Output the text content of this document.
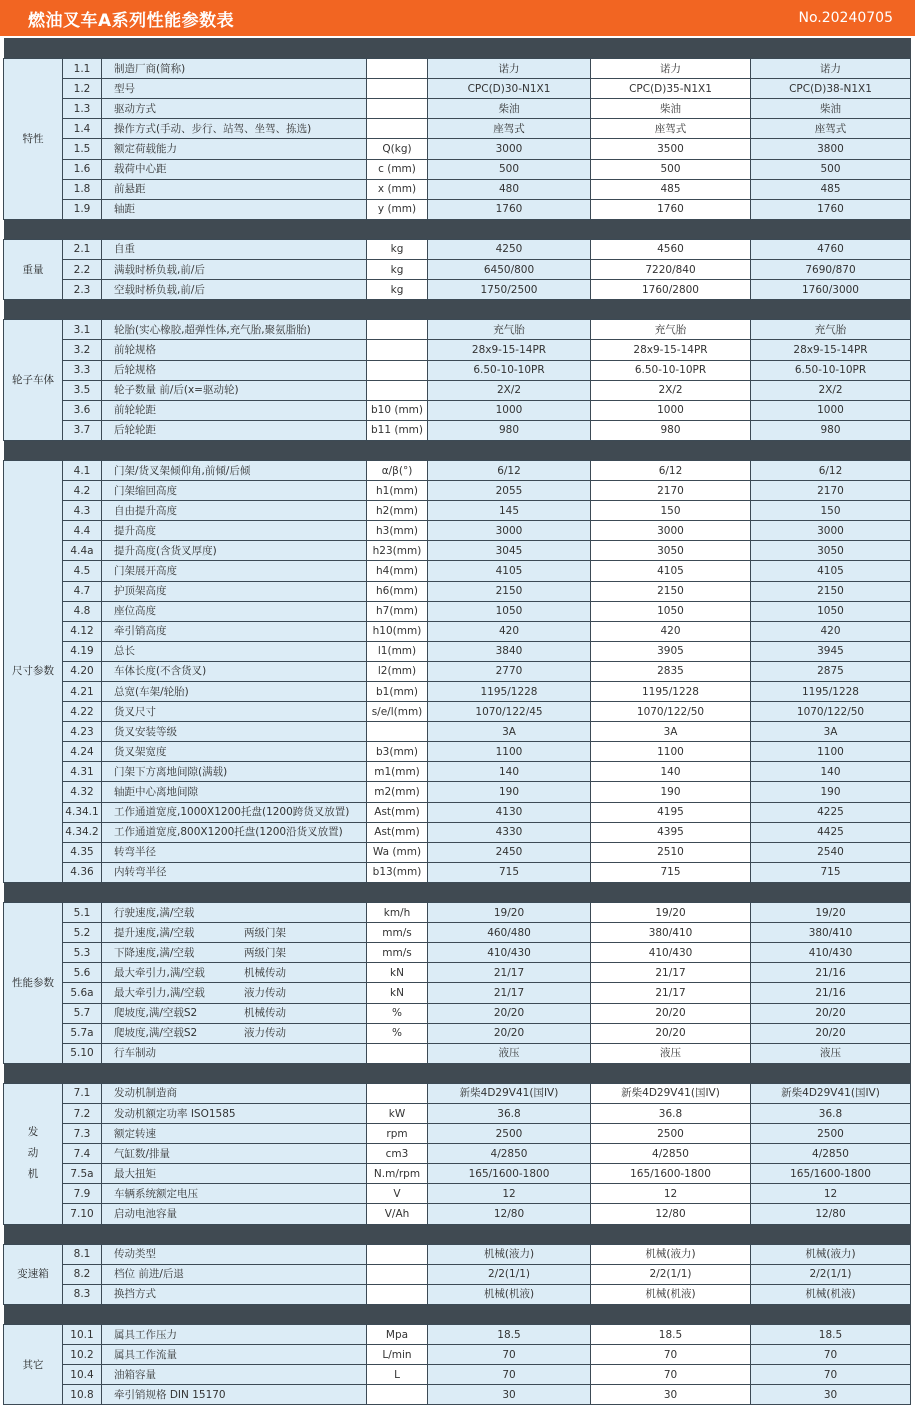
燃油叉车A系列性能参数表	No.20240705

特性	1.1	制造厂商(简称)		诺力	诺力	诺力
	1.2	型号		CPC(D)30-N1X1	CPC(D)35-N1X1	CPC(D)38-N1X1
	1.3	驱动方式		柴油	柴油	柴油
	1.4	操作方式(手动、步行、站驾、坐驾、拣选)		座驾式	座驾式	座驾式
	1.5	额定荷载能力	Q(kg)	3000	3500	3800
	1.6	载荷中心距	c (mm)	500	500	500
	1.8	前悬距	x (mm)	480	485	485
	1.9	轴距	y (mm)	1760	1760	1760

重量	2.1	自重	kg	4250	4560	4760
	2.2	满载时桥负载,前/后	kg	6450/800	7220/840	7690/870
	2.3	空载时桥负载,前/后	kg	1750/2500	1760/2800	1760/3000

轮子车体	3.1	轮胎(实心橡胶,超弹性体,充气胎,聚氨脂胎)		充气胎	充气胎	充气胎
	3.2	前轮规格		28x9-15-14PR	28x9-15-14PR	28x9-15-14PR
	3.3	后轮规格		6.50-10-10PR	6.50-10-10PR	6.50-10-10PR
	3.5	轮子数量 前/后(x=驱动轮)		2X/2	2X/2	2X/2
	3.6	前轮轮距	b10 (mm)	1000	1000	1000
	3.7	后轮轮距	b11 (mm)	980	980	980

尺寸参数	4.1	门架/货叉架倾仰角,前倾/后倾	α/β(°)	6/12	6/12	6/12
	4.2	门架缩回高度	h1(mm)	2055	2170	2170
	4.3	自由提升高度	h2(mm)	145	150	150
	4.4	提升高度	h3(mm)	3000	3000	3000
	4.4a	提升高度(含货叉厚度)	h23(mm)	3045	3050	3050
	4.5	门架展开高度	h4(mm)	4105	4105	4105
	4.7	护顶架高度	h6(mm)	2150	2150	2150
	4.8	座位高度	h7(mm)	1050	1050	1050
	4.12	牵引销高度	h10(mm)	420	420	420
	4.19	总长	l1(mm)	3840	3905	3945
	4.20	车体长度(不含货叉)	l2(mm)	2770	2835	2875
	4.21	总宽(车架/轮胎)	b1(mm)	1195/1228	1195/1228	1195/1228
	4.22	货叉尺寸	s/e/l(mm)	1070/122/45	1070/122/50	1070/122/50
	4.23	货叉安装等级		3A	3A	3A
	4.24	货叉架宽度	b3(mm)	1100	1100	1100
	4.31	门架下方离地间隙(满载)	m1(mm)	140	140	140
	4.32	轴距中心离地间隙	m2(mm)	190	190	190
	4.34.1	工作通道宽度,1000X1200托盘(1200跨货叉放置)	Ast(mm)	4130	4195	4225
	4.34.2	工作通道宽度,800X1200托盘(1200沿货叉放置)	Ast(mm)	4330	4395	4425
	4.35	转弯半径	Wa (mm)	2450	2510	2540
	4.36	内转弯半径	b13(mm)	715	715	715

性能参数	5.1	行驶速度,满/空载	km/h	19/20	19/20	19/20
	5.2	提升速度,满/空载 两级门架	mm/s	460/480	380/410	380/410
	5.3	下降速度,满/空载 两级门架	mm/s	410/430	410/430	410/430
	5.6	最大牵引力,满/空载 机械传动	kN	21/17	21/17	21/16
	5.6a	最大牵引力,满/空载 液力传动	kN	21/17	21/17	21/16
	5.7	爬坡度,满/空载S2 机械传动	%	20/20	20/20	20/20
	5.7a	爬坡度,满/空载S2 液力传动	%	20/20	20/20	20/20
	5.10	行车制动		液压	液压	液压

发
动
机	7.1	发动机制造商		新柴4D29V41(国IV)	新柴4D29V41(国IV)	新柴4D29V41(国IV)
	7.2	发动机额定功率 ISO1585	kW	36.8	36.8	36.8
	7.3	额定转速	rpm	2500	2500	2500
	7.4	气缸数/排量	cm3	4/2850	4/2850	4/2850
	7.5a	最大扭矩	N.m/rpm	165/1600-1800	165/1600-1800	165/1600-1800
	7.9	车辆系统额定电压	V	12	12	12
	7.10	启动电池容量	V/Ah	12/80	12/80	12/80

变速箱	8.1	传动类型		机械(液力)	机械(液力)	机械(液力)
	8.2	档位 前进/后退		2/2(1/1)	2/2(1/1)	2/2(1/1)
	8.3	换挡方式		机械(机液)	机械(机液)	机械(机液)

其它	10.1	属具工作压力	Mpa	18.5	18.5	18.5
	10.2	属具工作流量	L/min	70	70	70
	10.4	油箱容量	L	70	70	70
	10.8	牵引销规格 DIN 15170		30	30	30
